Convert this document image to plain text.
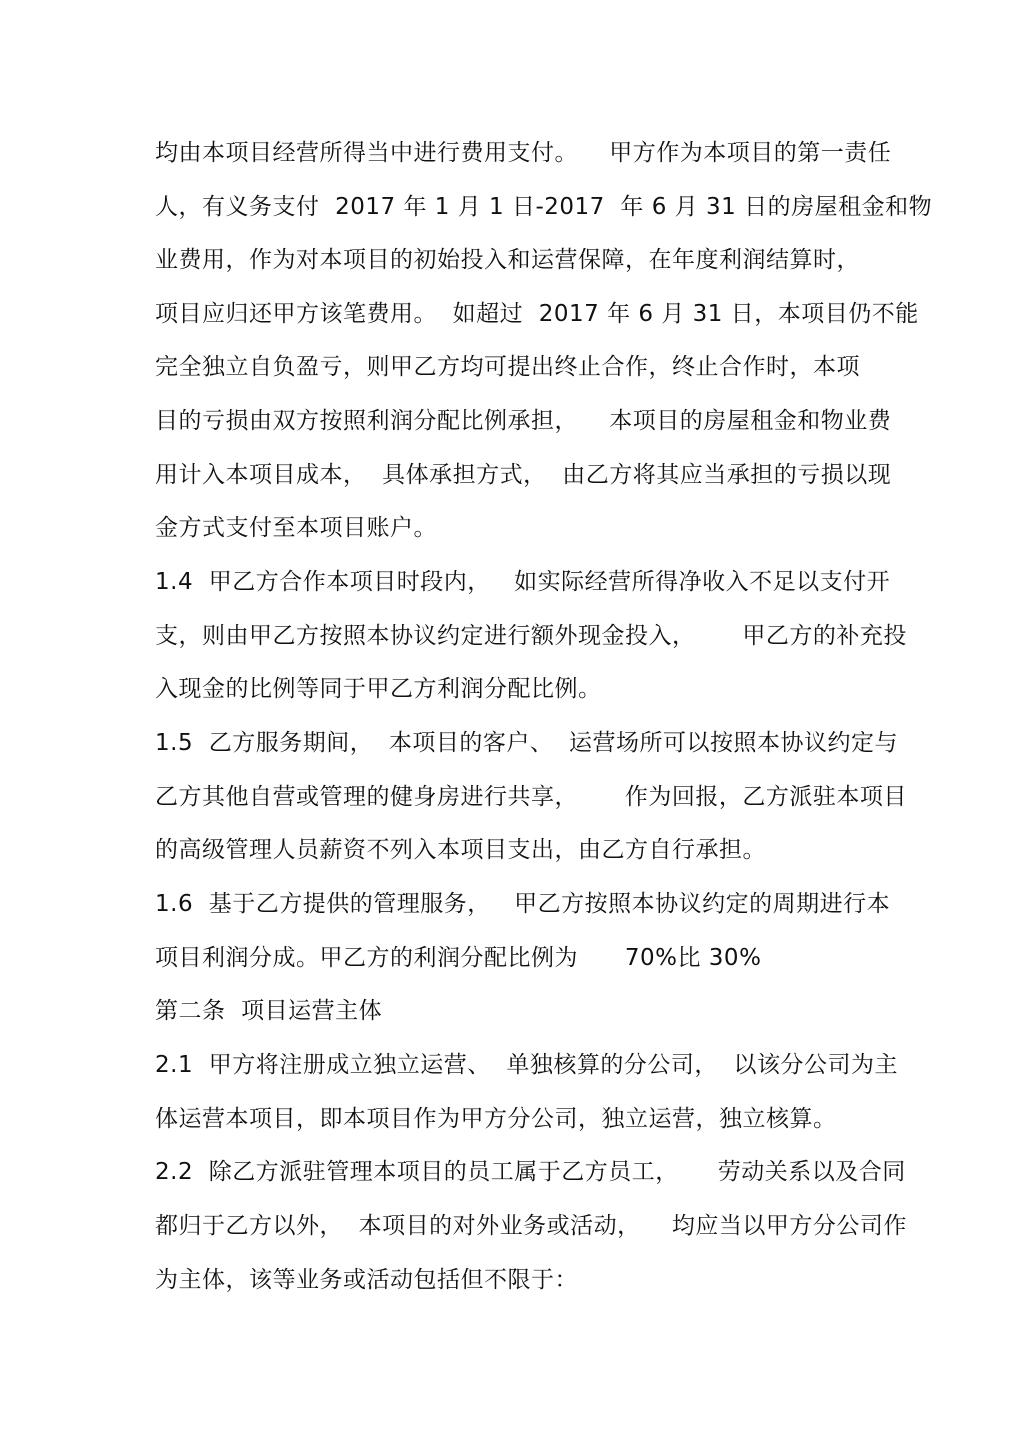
均由本项目经营所得当中进行费用支付。    甲方作为本项目的第一责任
人，有义务支付  2017 年 1 月 1 日-2017  年 6 月 31 日的房屋租金和物
业费用，作为对本项目的初始投入和运营保障，在年度利润结算时，
项目应归还甲方该笔费用。  如超过  2017 年 6 月 31 日，本项目仍不能
完全独立自负盈亏，则甲乙方均可提出终止合作，终止合作时，本项
目的亏损由双方按照利润分配比例承担，    本项目的房屋租金和物业费
用计入本项目成本，  具体承担方式，  由乙方将其应当承担的亏损以现
金方式支付至本项目账户。
1.4  甲乙方合作本项目时段内，   如实际经营所得净收入不足以支付开
支，则由甲乙方按照本协议约定进行额外现金投入，      甲乙方的补充投
入现金的比例等同于甲乙方利润分配比例。
1.5  乙方服务期间，  本项目的客户、  运营场所可以按照本协议约定与
乙方其他自营或管理的健身房进行共享，      作为回报，乙方派驻本项目
的高级管理人员薪资不列入本项目支出，由乙方自行承担。
1.6  基于乙方提供的管理服务，   甲乙方按照本协议约定的周期进行本
项目利润分成。甲乙方的利润分配比例为      70%比 30%
第二条  项目运营主体
2.1  甲方将注册成立独立运营、  单独核算的分公司，  以该分公司为主
体运营本项目，即本项目作为甲方分公司，独立运营，独立核算。
2.2  除乙方派驻管理本项目的员工属于乙方员工，     劳动关系以及合同
都归于乙方以外，  本项目的对外业务或活动，    均应当以甲方分公司作
为主体，该等业务或活动包括但不限于：
